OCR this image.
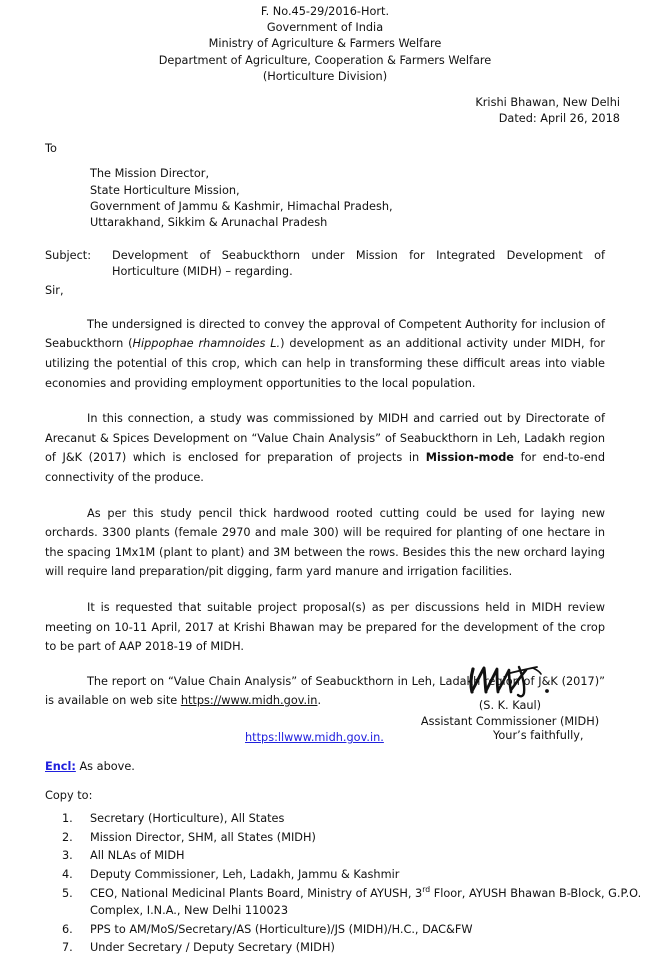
F. No.45-29/2016-Hort.
Government of India
Ministry of Agriculture & Farmers Welfare
Department of Agriculture, Cooperation & Farmers Welfare
(Horticulture Division)
Krishi Bhawan, New Delhi
Dated: April 26, 2018
To
The Mission Director,
State Horticulture Mission,
Government of Jammu & Kashmir, Himachal Pradesh,
Uttarakhand, Sikkim & Arunachal Pradesh
Subject:	Development of Seabuckthorn under Mission for Integrated Development of Horticulture (MIDH) – regarding.
Sir,

The undersigned is directed to convey the approval of Competent Authority for inclusion of Seabuckthorn (Hippophae rhamnoides L.) development as an additional activity under MIDH, for utilizing the potential of this crop, which can help in transforming these difficult areas into viable economies and providing employment opportunities to the local population.

In this connection, a study was commissioned by MIDH and carried out by Directorate of Arecanut & Spices Development on “Value Chain Analysis” of Seabuckthorn in Leh, Ladakh region of J&K (2017) which is enclosed for preparation of projects in Mission-mode for end-to-end connectivity of the produce.

As per this study pencil thick hardwood rooted cutting could be used for laying new orchards. 3300 plants (female 2970 and male 300) will be required for planting of one hectare in the spacing 1Mx1M (plant to plant) and 3M between the rows. Besides this the new orchard laying will require land preparation/pit digging, farm yard manure and irrigation facilities.

It is requested that suitable project proposal(s) as per discussions held in MIDH review meeting on 10-11 April, 2017 at Krishi Bhawan may be prepared for the development of the crop to be part of AAP 2018-19 of MIDH.

The report on “Value Chain Analysis” of Seabuckthorn in Leh, Ladakh region of J&K (2017)” is available on web site https://www.midh.gov.in.

https:llwww.midh.gov.in.	Your’s faithfully,
Encl: As above.
(S. K. Kaul)
Assistant Commissioner (MIDH)
Copy to:
1.	Secretary (Horticulture), All States
2.	Mission Director, SHM, all States (MIDH)
3.	All NLAs of MIDH
4.	Deputy Commissioner, Leh, Ladakh, Jammu & Kashmir
5.	CEO, National Medicinal Plants Board, Ministry of AYUSH, 3rd Floor, AYUSH Bhawan B-Block, G.P.O. Complex, I.N.A., New Delhi 110023
6.	PPS to AM/MoS/Secretary/AS (Horticulture)/JS (MIDH)/H.C., DAC&FW
7.	Under Secretary / Deputy Secretary (MIDH)
